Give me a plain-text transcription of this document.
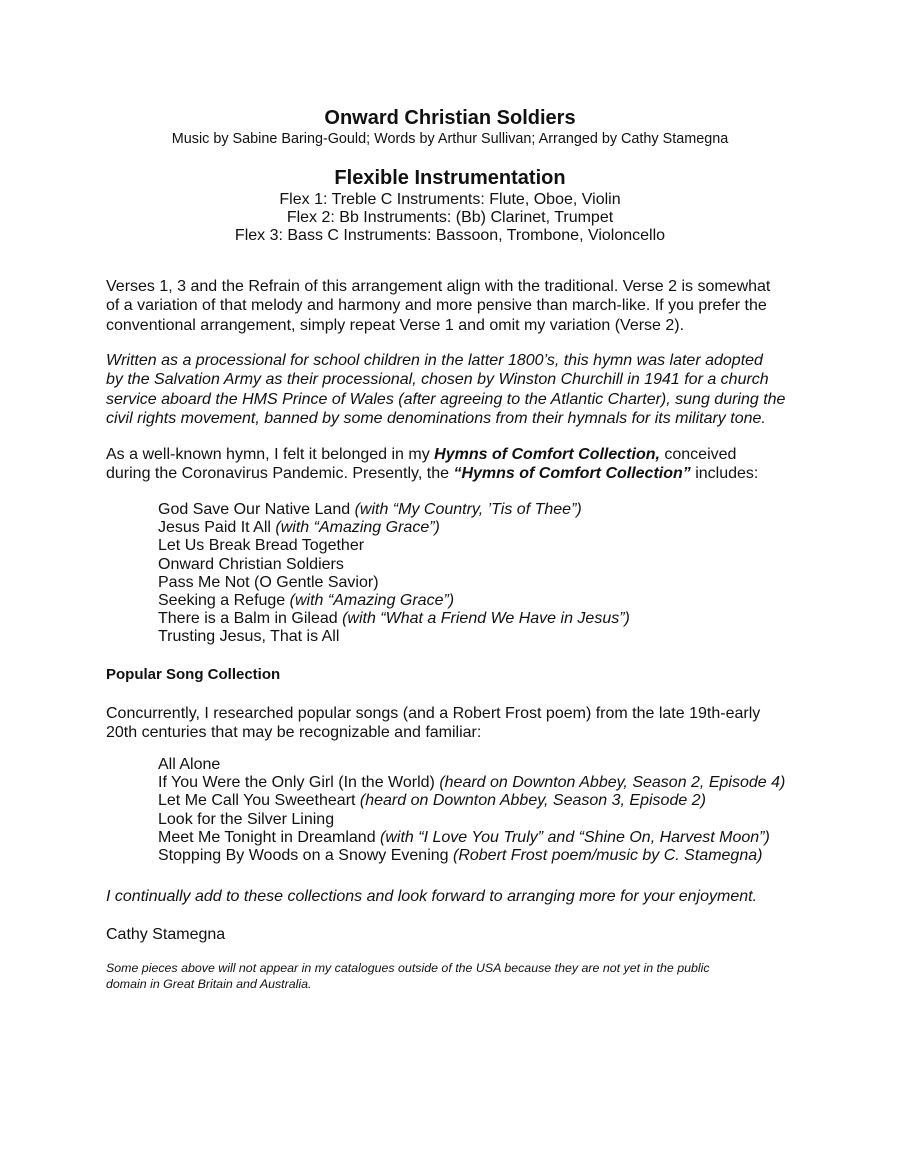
Onward Christian Soldiers
Music by Sabine Baring-Gould; Words by Arthur Sullivan; Arranged by Cathy Stamegna
Flexible Instrumentation
Flex 1: Treble C Instruments: Flute, Oboe, Violin
Flex 2: Bb Instruments: (Bb) Clarinet, Trumpet
Flex 3: Bass C Instruments: Bassoon, Trombone, Violoncello
Verses 1, 3 and the Refrain of this arrangement align with the traditional. Verse 2 is somewhat
of a variation of that melody and harmony and more pensive than march-like. If you prefer the
conventional arrangement, simply repeat Verse 1 and omit my variation (Verse 2).
Written as a processional for school children in the latter 1800’s, this hymn was later adopted
by the Salvation Army as their processional, chosen by Winston Churchill in 1941 for a church
service aboard the HMS Prince of Wales (after agreeing to the Atlantic Charter), sung during the
civil rights movement, banned by some denominations from their hymnals for its military tone.
As a well-known hymn, I felt it belonged in my Hymns of Comfort Collection, conceived
during the Coronavirus Pandemic. Presently, the “Hymns of Comfort Collection” includes:
God Save Our Native Land (with “My Country, ’Tis of Thee”)
Jesus Paid It All (with “Amazing Grace”)
Let Us Break Bread Together
Onward Christian Soldiers
Pass Me Not (O Gentle Savior)
Seeking a Refuge (with “Amazing Grace”)
There is a Balm in Gilead (with “What a Friend We Have in Jesus”)
Trusting Jesus, That is All
Popular Song Collection
Concurrently, I researched popular songs (and a Robert Frost poem) from the late 19th-early
20th centuries that may be recognizable and familiar:
All Alone
If You Were the Only Girl (In the World) (heard on Downton Abbey, Season 2, Episode 4)
Let Me Call You Sweetheart (heard on Downton Abbey, Season 3, Episode 2)
Look for the Silver Lining
Meet Me Tonight in Dreamland (with “I Love You Truly” and “Shine On, Harvest Moon”)
Stopping By Woods on a Snowy Evening (Robert Frost poem/music by C. Stamegna)
I continually add to these collections and look forward to arranging more for your enjoyment.
Cathy Stamegna
Some pieces above will not appear in my catalogues outside of the USA because they are not yet in the public
domain in Great Britain and Australia.
